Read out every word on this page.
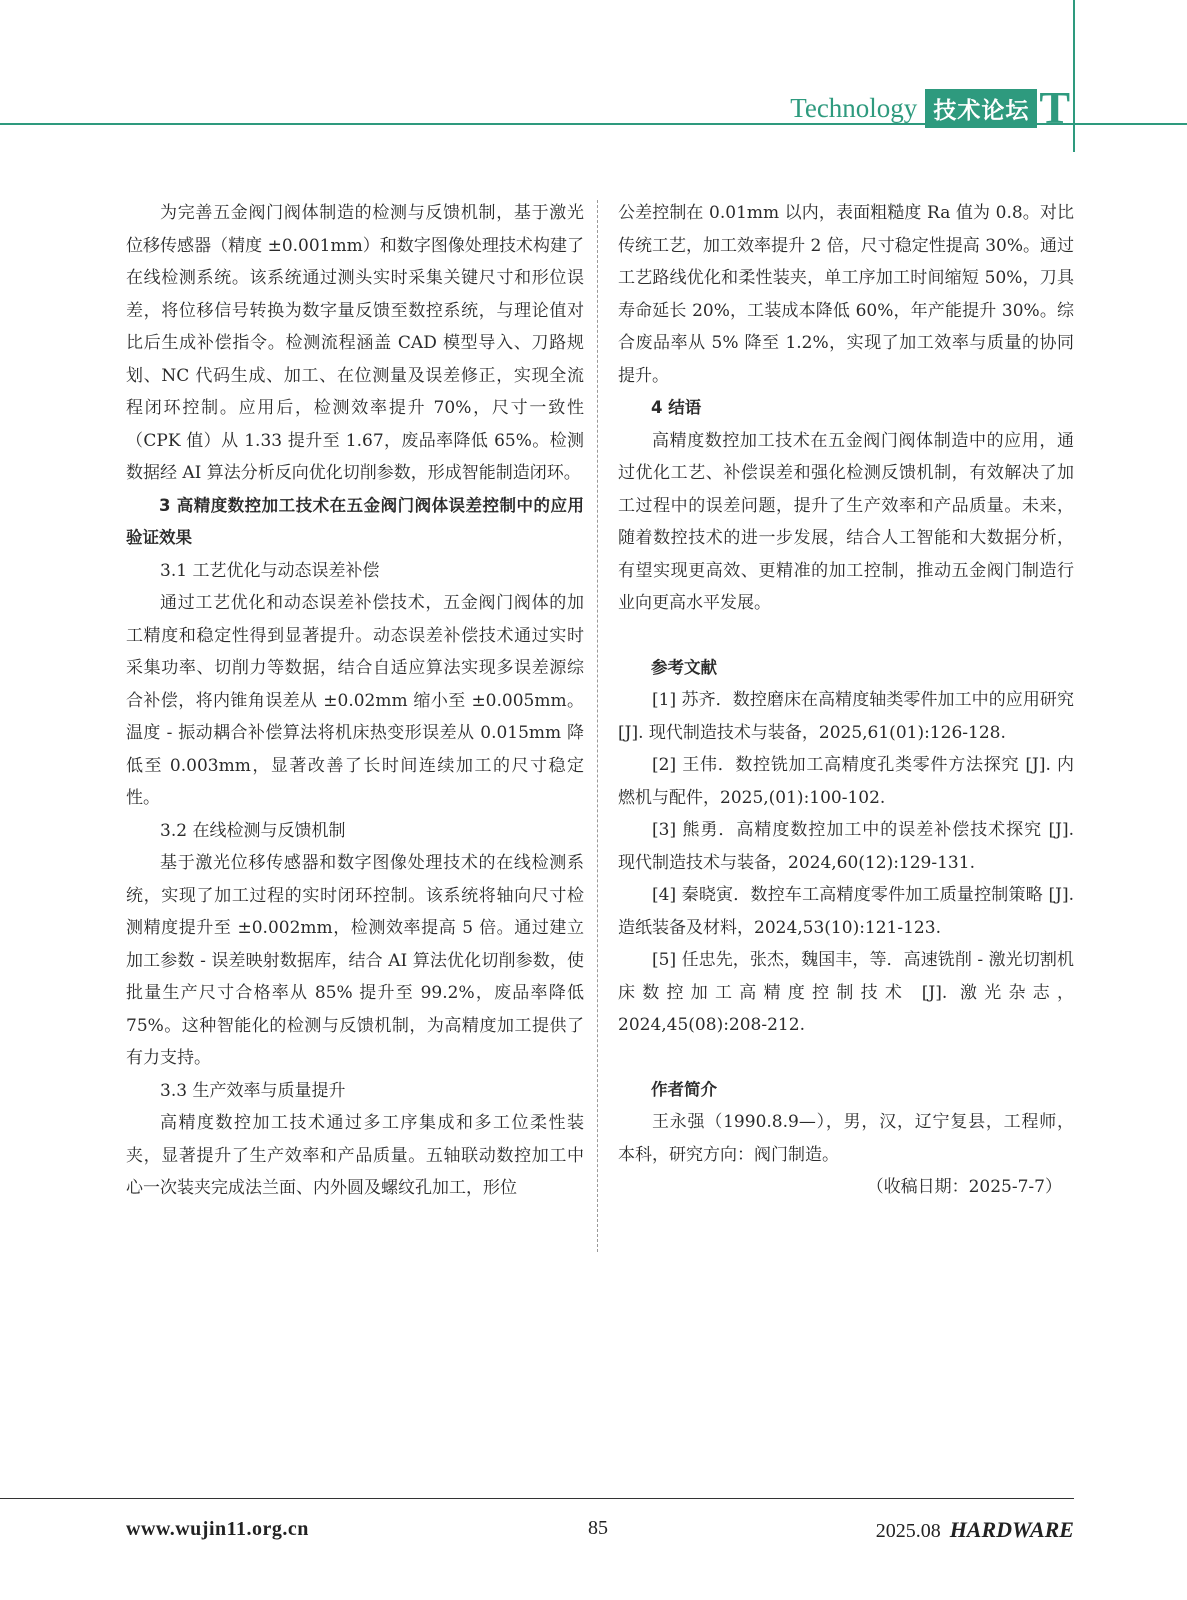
Technology 技术论坛 T

为完善五金阀门阀体制造的检测与反馈机制，基于激光位移传感器（精度 ±0.001mm）和数字图像处理技术构建了在线检测系统。该系统通过测头实时采集关键尺寸和形位误差，将位移信号转换为数字量反馈至数控系统，与理论值对比后生成补偿指令。检测流程涵盖 CAD 模型导入、刀路规划、NC 代码生成、加工、在位测量及误差修正，实现全流程闭环控制。应用后，检测效率提升 70%，尺寸一致性（CPK 值）从 1.33 提升至 1.67，废品率降低 65%。检测数据经 AI 算法分析反向优化切削参数，形成智能制造闭环。

3 高精度数控加工技术在五金阀门阀体误差控制中的应用验证效果

3.1 工艺优化与动态误差补偿

通过工艺优化和动态误差补偿技术，五金阀门阀体的加工精度和稳定性得到显著提升。动态误差补偿技术通过实时采集功率、切削力等数据，结合自适应算法实现多误差源综合补偿，将内锥角误差从 ±0.02mm 缩小至 ±0.005mm。温度 - 振动耦合补偿算法将机床热变形误差从 0.015mm 降低至 0.003mm，显著改善了长时间连续加工的尺寸稳定性。

3.2 在线检测与反馈机制

基于激光位移传感器和数字图像处理技术的在线检测系统，实现了加工过程的实时闭环控制。该系统将轴向尺寸检测精度提升至 ±0.002mm，检测效率提高 5 倍。通过建立加工参数 - 误差映射数据库，结合 AI 算法优化切削参数，使批量生产尺寸合格率从 85% 提升至 99.2%，废品率降低 75%。这种智能化的检测与反馈机制，为高精度加工提供了有力支持。

3.3 生产效率与质量提升

高精度数控加工技术通过多工序集成和多工位柔性装夹，显著提升了生产效率和产品质量。五轴联动数控加工中心一次装夹完成法兰面、内外圆及螺纹孔加工，形位

公差控制在 0.01mm 以内，表面粗糙度 Ra 值为 0.8。对比传统工艺，加工效率提升 2 倍，尺寸稳定性提高 30%。通过工艺路线优化和柔性装夹，单工序加工时间缩短 50%，刀具寿命延长 20%，工装成本降低 60%，年产能提升 30%。综合废品率从 5% 降至 1.2%，实现了加工效率与质量的协同提升。

4 结语

高精度数控加工技术在五金阀门阀体制造中的应用，通过优化工艺、补偿误差和强化检测反馈机制，有效解决了加工过程中的误差问题，提升了生产效率和产品质量。未来，随着数控技术的进一步发展，结合人工智能和大数据分析，有望实现更高效、更精准的加工控制，推动五金阀门制造行业向更高水平发展。

参考文献

[1] 苏齐．数控磨床在高精度轴类零件加工中的应用研究 [J]. 现代制造技术与装备，2025,61(01):126-128.

[2] 王伟．数控铣加工高精度孔类零件方法探究 [J]. 内燃机与配件，2025,(01):100-102.

[3] 熊勇．高精度数控加工中的误差补偿技术探究 [J]. 现代制造技术与装备，2024,60(12):129-131.

[4] 秦晓寅．数控车工高精度零件加工质量控制策略 [J]. 造纸装备及材料，2024,53(10):121-123.

[5] 任忠先，张杰，魏国丰，等．高速铣削 - 激光切割机床数控加工高精度控制技术 [J]. 激光杂志，2024,45(08):208-212.

作者简介

王永强（1990.8.9—），男，汉，辽宁复县，工程师，本科，研究方向：阀门制造。

（收稿日期：2025-7-7）

www.wujin11.org.cn	85	2025.08 HARDWARE
